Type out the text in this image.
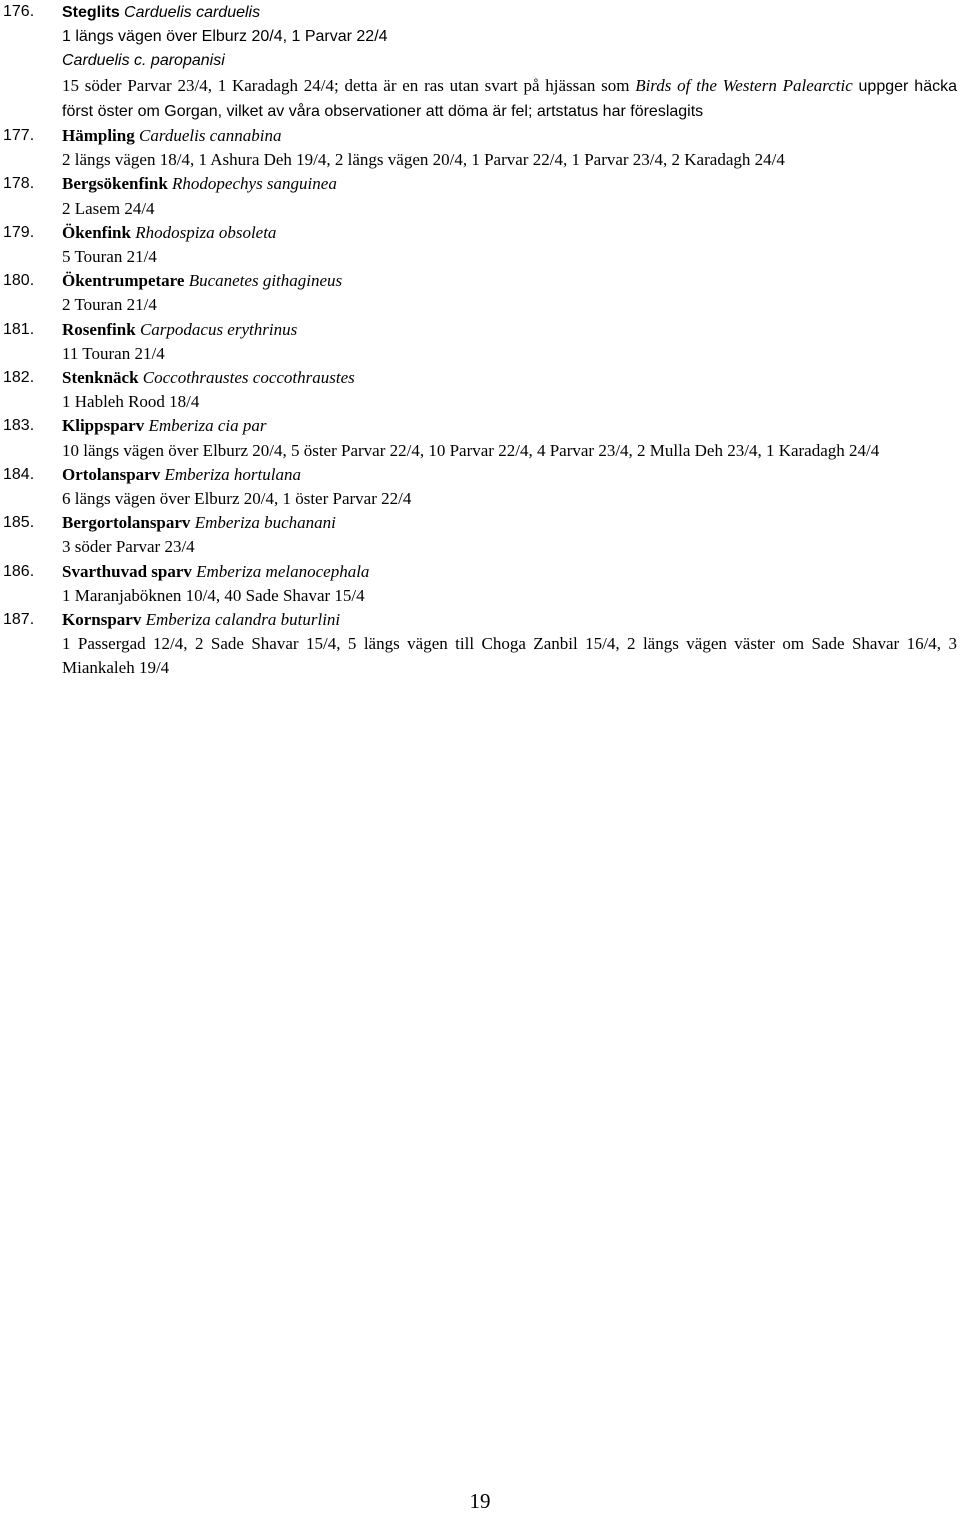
176. Steglits Carduelis carduelis
1 längs vägen över Elburz 20/4, 1 Parvar 22/4
Carduelis c. paropanisi
15 söder Parvar 23/4, 1 Karadagh 24/4; detta är en ras utan svart på hjässan som Birds of the Western Palearctic uppger häcka först öster om Gorgan, vilket av våra observationer att döma är fel; artstatus har föreslagits
177. Hämpling Carduelis cannabina
2 längs vägen 18/4, 1 Ashura Deh 19/4, 2 längs vägen 20/4, 1 Parvar 22/4, 1 Parvar 23/4, 2 Karadagh 24/4
178. Bergsökenfink Rhodopechys sanguinea
2 Lasem 24/4
179. Ökenfink Rhodospiza obsoleta
5 Touran 21/4
180. Ökentrumpetare Bucanetes githagineus
2 Touran 21/4
181. Rosenfink Carpodacus erythrinus
11 Touran 21/4
182. Stenknäck Coccothraustes coccothraustes
1 Hableh Rood 18/4
183. Klippsparv Emberiza cia par
10 längs vägen över Elburz 20/4, 5 öster Parvar 22/4, 10 Parvar 22/4, 4 Parvar 23/4, 2 Mulla Deh 23/4, 1 Karadagh 24/4
184. Ortolansparv Emberiza hortulana
6 längs vägen över Elburz 20/4, 1 öster Parvar 22/4
185. Bergortolansparv Emberiza buchanani
3 söder Parvar 23/4
186. Svarthuvad sparv Emberiza melanocephala
1 Maranjaböknen 10/4, 40 Sade Shavar 15/4
187. Kornsparv Emberiza calandra buturlini
1 Passergad 12/4, 2 Sade Shavar 15/4, 5 längs vägen till Choga Zanbil 15/4, 2 längs vägen väster om Sade Shavar 16/4, 3 Miankaleh 19/4
19
